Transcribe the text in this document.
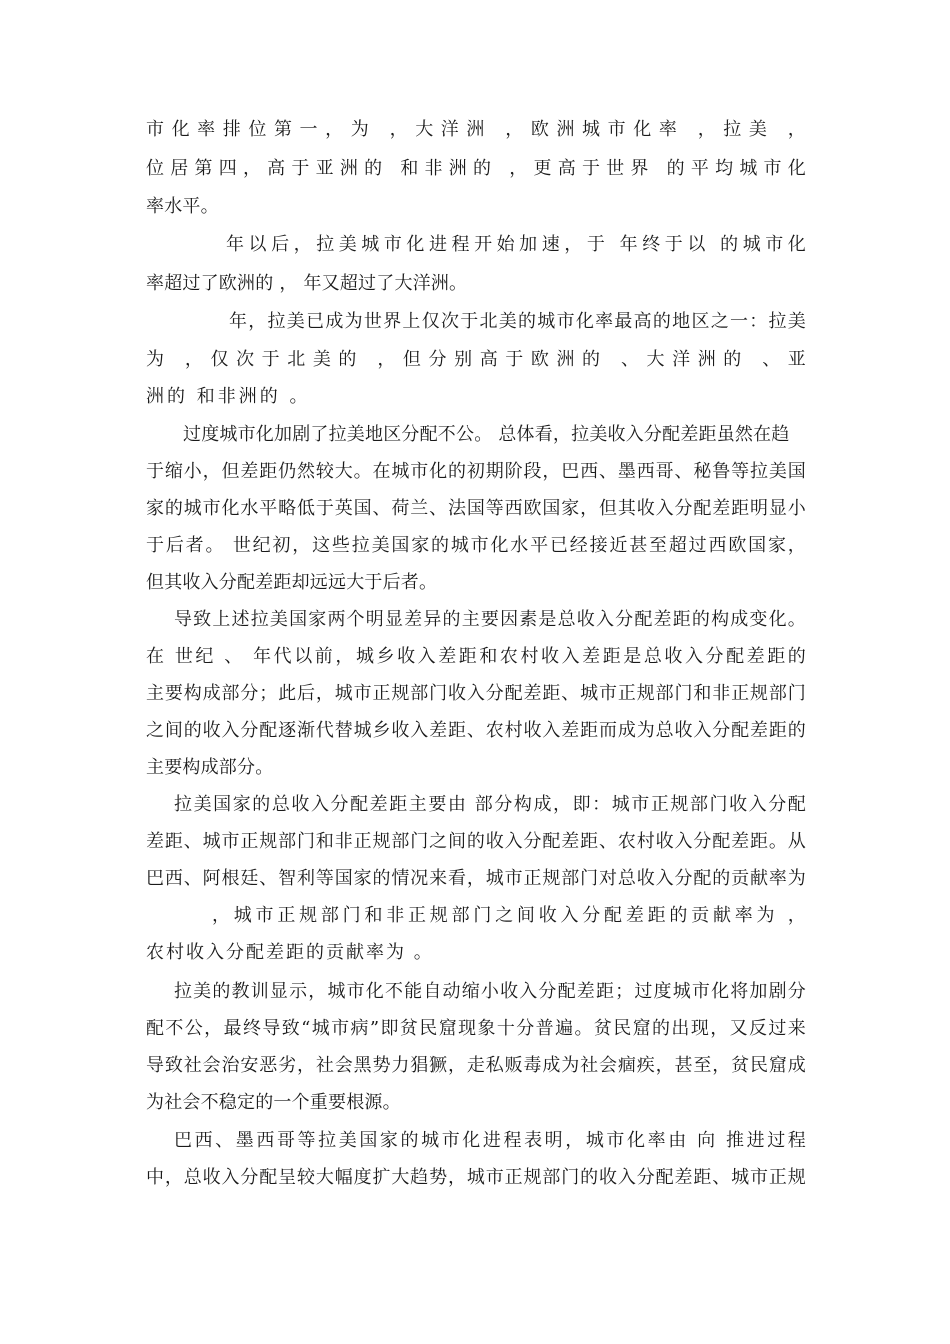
市化率排位第一，为 ，大洋洲 ，欧洲城市化率 ，拉美 ，

位居第四，高于亚洲的 和非洲的 ，更高于世界 的平均城市化

率水平。

年以后，拉美城市化进程开始加速，于 年终于以 的城市化

率超过了欧洲的 ， 年又超过了大洋洲。

年，拉美已成为世界上仅次于北美的城市化率最高的地区之一：拉美

为 ，仅次于北美的 ，但分别高于欧洲的 、大洋洲的 、亚

洲的 和非洲的 。

过度城市化加剧了拉美地区分配不公。 总体看，拉美收入分配差距虽然在趋

于缩小，但差距仍然较大。在城市化的初期阶段，巴西、墨西哥、秘鲁等拉美国

家的城市化水平略低于英国、荷兰、法国等西欧国家，但其收入分配差距明显小

于后者。 世纪初，这些拉美国家的城市化水平已经接近甚至超过西欧国家，

但其收入分配差距却远远大于后者。

导致上述拉美国家两个明显差异的主要因素是总收入分配差距的构成变化。

在 世纪 、 年代以前，城乡收入差距和农村收入差距是总收入分配差距的

主要构成部分；此后，城市正规部门收入分配差距、城市正规部门和非正规部门

之间的收入分配逐渐代替城乡收入差距、农村收入差距而成为总收入分配差距的

主要构成部分。

拉美国家的总收入分配差距主要由 部分构成，即：城市正规部门收入分配

差距、城市正规部门和非正规部门之间的收入分配差距、农村收入分配差距。从

巴西、阿根廷、智利等国家的情况来看，城市正规部门对总收入分配的贡献率为

，城市正规部门和非正规部门之间收入分配差距的贡献率为 ，

农村收入分配差距的贡献率为 。

拉美的教训显示，城市化不能自动缩小收入分配差距；过度城市化将加剧分

配不公，最终导致“城市病”即贫民窟现象十分普遍。贫民窟的出现，又反过来

导致社会治安恶劣，社会黑势力猖獗，走私贩毒成为社会痼疾，甚至，贫民窟成

为社会不稳定的一个重要根源。

巴西、墨西哥等拉美国家的城市化进程表明，城市化率由 向 推进过程

中，总收入分配呈较大幅度扩大趋势，城市正规部门的收入分配差距、城市正规
